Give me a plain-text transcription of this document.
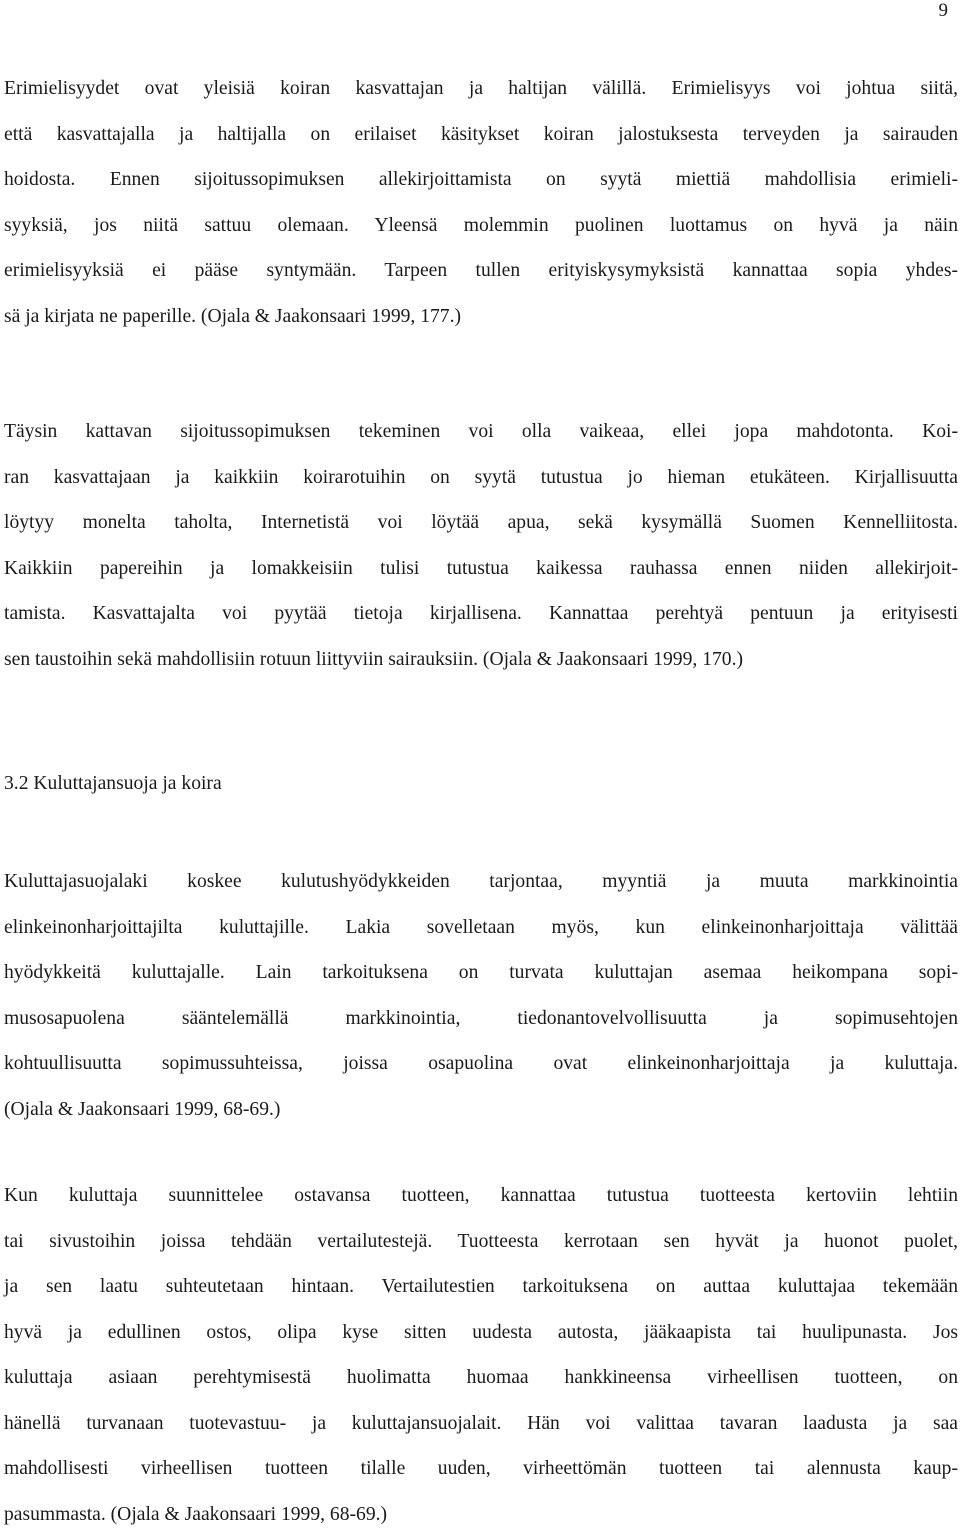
9
Erimielisyydet ovat yleisiä koiran kasvattajan ja haltijan välillä. Erimielisyys voi johtua siitä,
että kasvattajalla ja haltijalla on erilaiset käsitykset koiran jalostuksesta terveyden ja sairauden
hoidosta. Ennen sijoitussopimuksen allekirjoittamista on syytä miettiä mahdollisia erimieli-
syyksiä, jos niitä sattuu olemaan. Yleensä molemmin puolinen luottamus on hyvä ja näin
erimielisyyksiä ei pääse syntymään. Tarpeen tullen erityiskysymyksistä kannattaa sopia yhdes-
sä ja kirjata ne paperille. (Ojala & Jaakonsaari 1999, 177.)
Täysin kattavan sijoitussopimuksen tekeminen voi olla vaikeaa, ellei jopa mahdotonta. Koi-
ran kasvattajaan ja kaikkiin koirarotuihin on syytä tutustua jo hieman etukäteen. Kirjallisuutta
löytyy monelta taholta, Internetistä voi löytää apua, sekä kysymällä Suomen Kennelliitosta.
Kaikkiin papereihin ja lomakkeisiin tulisi tutustua kaikessa rauhassa ennen niiden allekirjoit-
tamista. Kasvattajalta voi pyytää tietoja kirjallisena. Kannattaa perehtyä pentuun ja erityisesti
sen taustoihin sekä mahdollisiin rotuun liittyviin sairauksiin. (Ojala & Jaakonsaari 1999, 170.)
3.2 Kuluttajansuoja ja koira
Kuluttajasuojalaki koskee kulutushyödykkeiden tarjontaa, myyntiä ja muuta markkinointia
elinkeinonharjoittajilta kuluttajille. Lakia sovelletaan myös, kun elinkeinonharjoittaja välittää
hyödykkeitä kuluttajalle. Lain tarkoituksena on turvata kuluttajan asemaa heikompana sopi-
musosapuolena sääntelemällä markkinointia, tiedonantovelvollisuutta ja sopimusehtojen
kohtuullisuutta sopimussuhteissa, joissa osapuolina ovat elinkeinonharjoittaja ja kuluttaja.
(Ojala & Jaakonsaari 1999, 68-69.)
Kun kuluttaja suunnittelee ostavansa tuotteen, kannattaa tutustua tuotteesta kertoviin lehtiin
tai sivustoihin joissa tehdään vertailutestejä. Tuotteesta kerrotaan sen hyvät ja huonot puolet,
ja sen laatu suhteutetaan hintaan. Vertailutestien tarkoituksena on auttaa kuluttajaa tekemään
hyvä ja edullinen ostos, olipa kyse sitten uudesta autosta, jääkaapista tai huulipunasta. Jos
kuluttaja asiaan perehtymisestä huolimatta huomaa hankkineensa virheellisen tuotteen, on
hänellä turvanaan tuotevastuu- ja kuluttajansuojalait. Hän voi valittaa tavaran laadusta ja saa
mahdollisesti virheellisen tuotteen tilalle uuden, virheettömän tuotteen tai alennusta kaup-
pasummasta. (Ojala & Jaakonsaari 1999, 68-69.)
